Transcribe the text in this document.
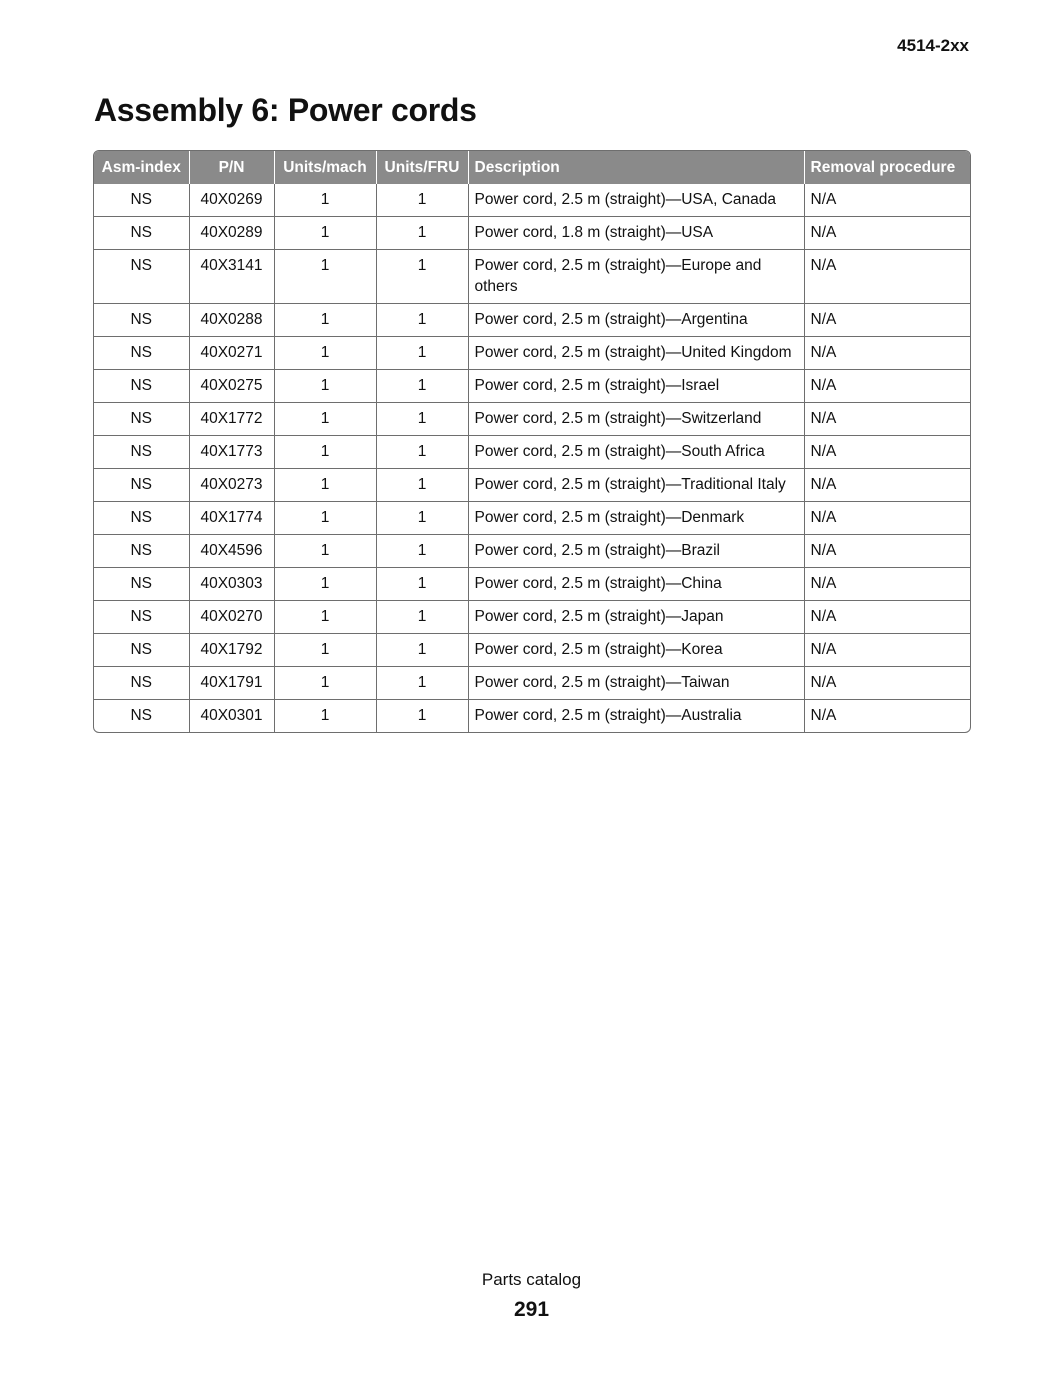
4514-2xx
Assembly 6: Power cords
Asm-index	P/N	Units/mach	Units/FRU	Description	Removal procedure
NS	40X0269	1	1	Power cord, 2.5 m (straight)—USA, Canada	N/A
NS	40X0289	1	1	Power cord, 1.8 m (straight)—USA	N/A
NS	40X3141	1	1	Power cord, 2.5 m (straight)—Europe and others	N/A
NS	40X0288	1	1	Power cord, 2.5 m (straight)—Argentina	N/A
NS	40X0271	1	1	Power cord, 2.5 m (straight)—United Kingdom	N/A
NS	40X0275	1	1	Power cord, 2.5 m (straight)—Israel	N/A
NS	40X1772	1	1	Power cord, 2.5 m (straight)—Switzerland	N/A
NS	40X1773	1	1	Power cord, 2.5 m (straight)—South Africa	N/A
NS	40X0273	1	1	Power cord, 2.5 m (straight)—Traditional Italy	N/A
NS	40X1774	1	1	Power cord, 2.5 m (straight)—Denmark	N/A
NS	40X4596	1	1	Power cord, 2.5 m (straight)—Brazil	N/A
NS	40X0303	1	1	Power cord, 2.5 m (straight)—China	N/A
NS	40X0270	1	1	Power cord, 2.5 m (straight)—Japan	N/A
NS	40X1792	1	1	Power cord, 2.5 m (straight)—Korea	N/A
NS	40X1791	1	1	Power cord, 2.5 m (straight)—Taiwan	N/A
NS	40X0301	1	1	Power cord, 2.5 m (straight)—Australia	N/A
Parts catalog
291
